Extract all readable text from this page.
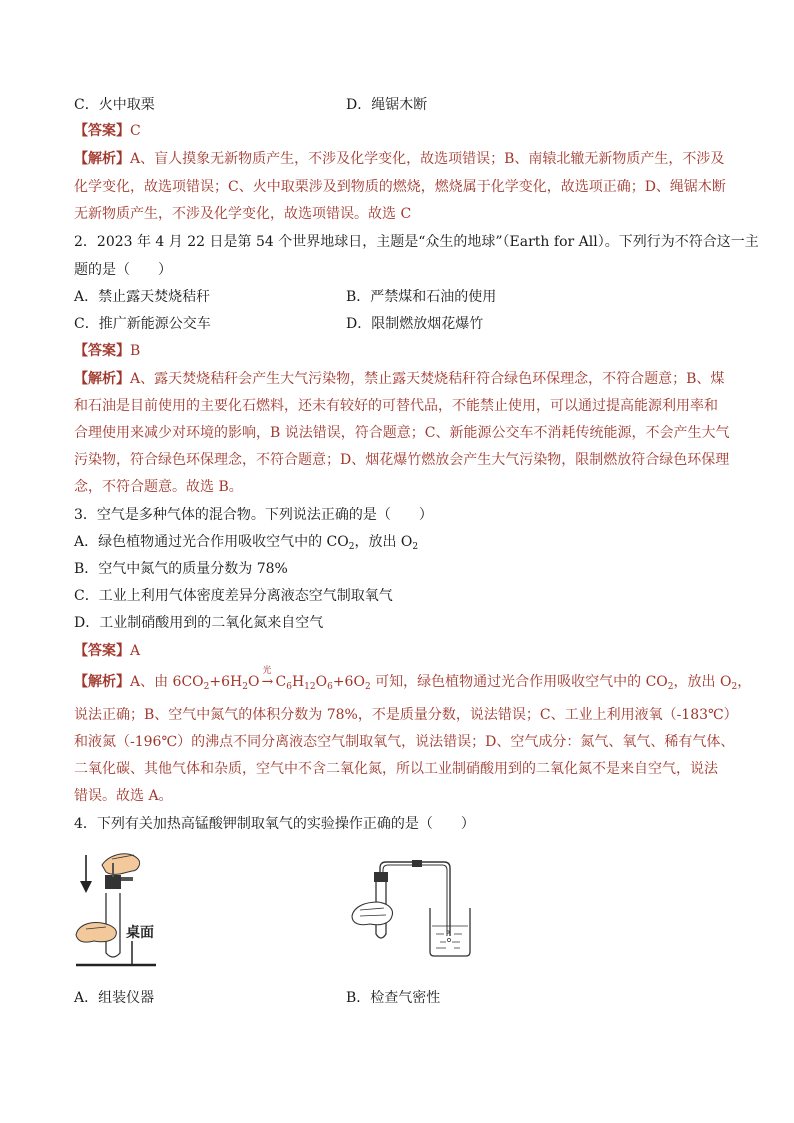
C．火中取栗	D．绳锯木断
【答案】C
【解析】A、盲人摸象无新物质产生，不涉及化学变化，故选项错误；B、南辕北辙无新物质产生，不涉及
化学变化，故选项错误；C、火中取栗涉及到物质的燃烧，燃烧属于化学变化，故选项正确；D、绳锯木断
无新物质产生，不涉及化学变化，故选项错误。故选 C
2．2023 年 4 月 22 日是第 54 个世界地球日，主题是“众生的地球”（Earth for All）。下列行为不符合这一主
题的是（　　）
A．禁止露天焚烧秸秆	B．严禁煤和石油的使用
C．推广新能源公交车	D．限制燃放烟花爆竹
【答案】B
【解析】A、露天焚烧秸秆会产生大气污染物，禁止露天焚烧秸秆符合绿色环保理念，不符合题意；B、煤
和石油是目前使用的主要化石燃料，还未有较好的可替代品，不能禁止使用，可以通过提高能源利用率和
合理使用来减少对环境的影响，B 说法错误，符合题意；C、新能源公交车不消耗传统能源，不会产生大气
污染物，符合绿色环保理念，不符合题意；D、烟花爆竹燃放会产生大气污染物，限制燃放符合绿色环保理
念，不符合题意。故选 B。
3．空气是多种气体的混合物。下列说法正确的是（　　）
A．绿色植物通过光合作用吸收空气中的 $CO_2$，放出 $O_2$
B．空气中氮气的质量分数为 78%
C．工业上利用气体密度差异分离液态空气制取氧气
D．工业制硝酸用到的二氧化氮来自空气
【答案】A
【解析】A、由 $6CO_2+6H_2O$
光
→ $C_6H_{12}O_6+6O_2$ 可知，绿色植物通过光合作用吸收空气中的 $CO_2$，放出 $O_2$，
说法正确；B、空气中氮气的体积分数为 78%，不是质量分数，说法错误；C、工业上利用液氧（-183℃）
和液氮（-196℃）的沸点不同分离液态空气制取氧气，说法错误；D、空气成分：氮气、氧气、稀有气体、
二氧化碳、其他气体和杂质，空气中不含二氧化氮，所以工业制硝酸用到的二氧化氮不是来自空气，说法
错误。故选 A。
4．下列有关加热高锰酸钾制取氧气的实验操作正确的是（　　）
桌面
A．组装仪器	B．检查气密性
